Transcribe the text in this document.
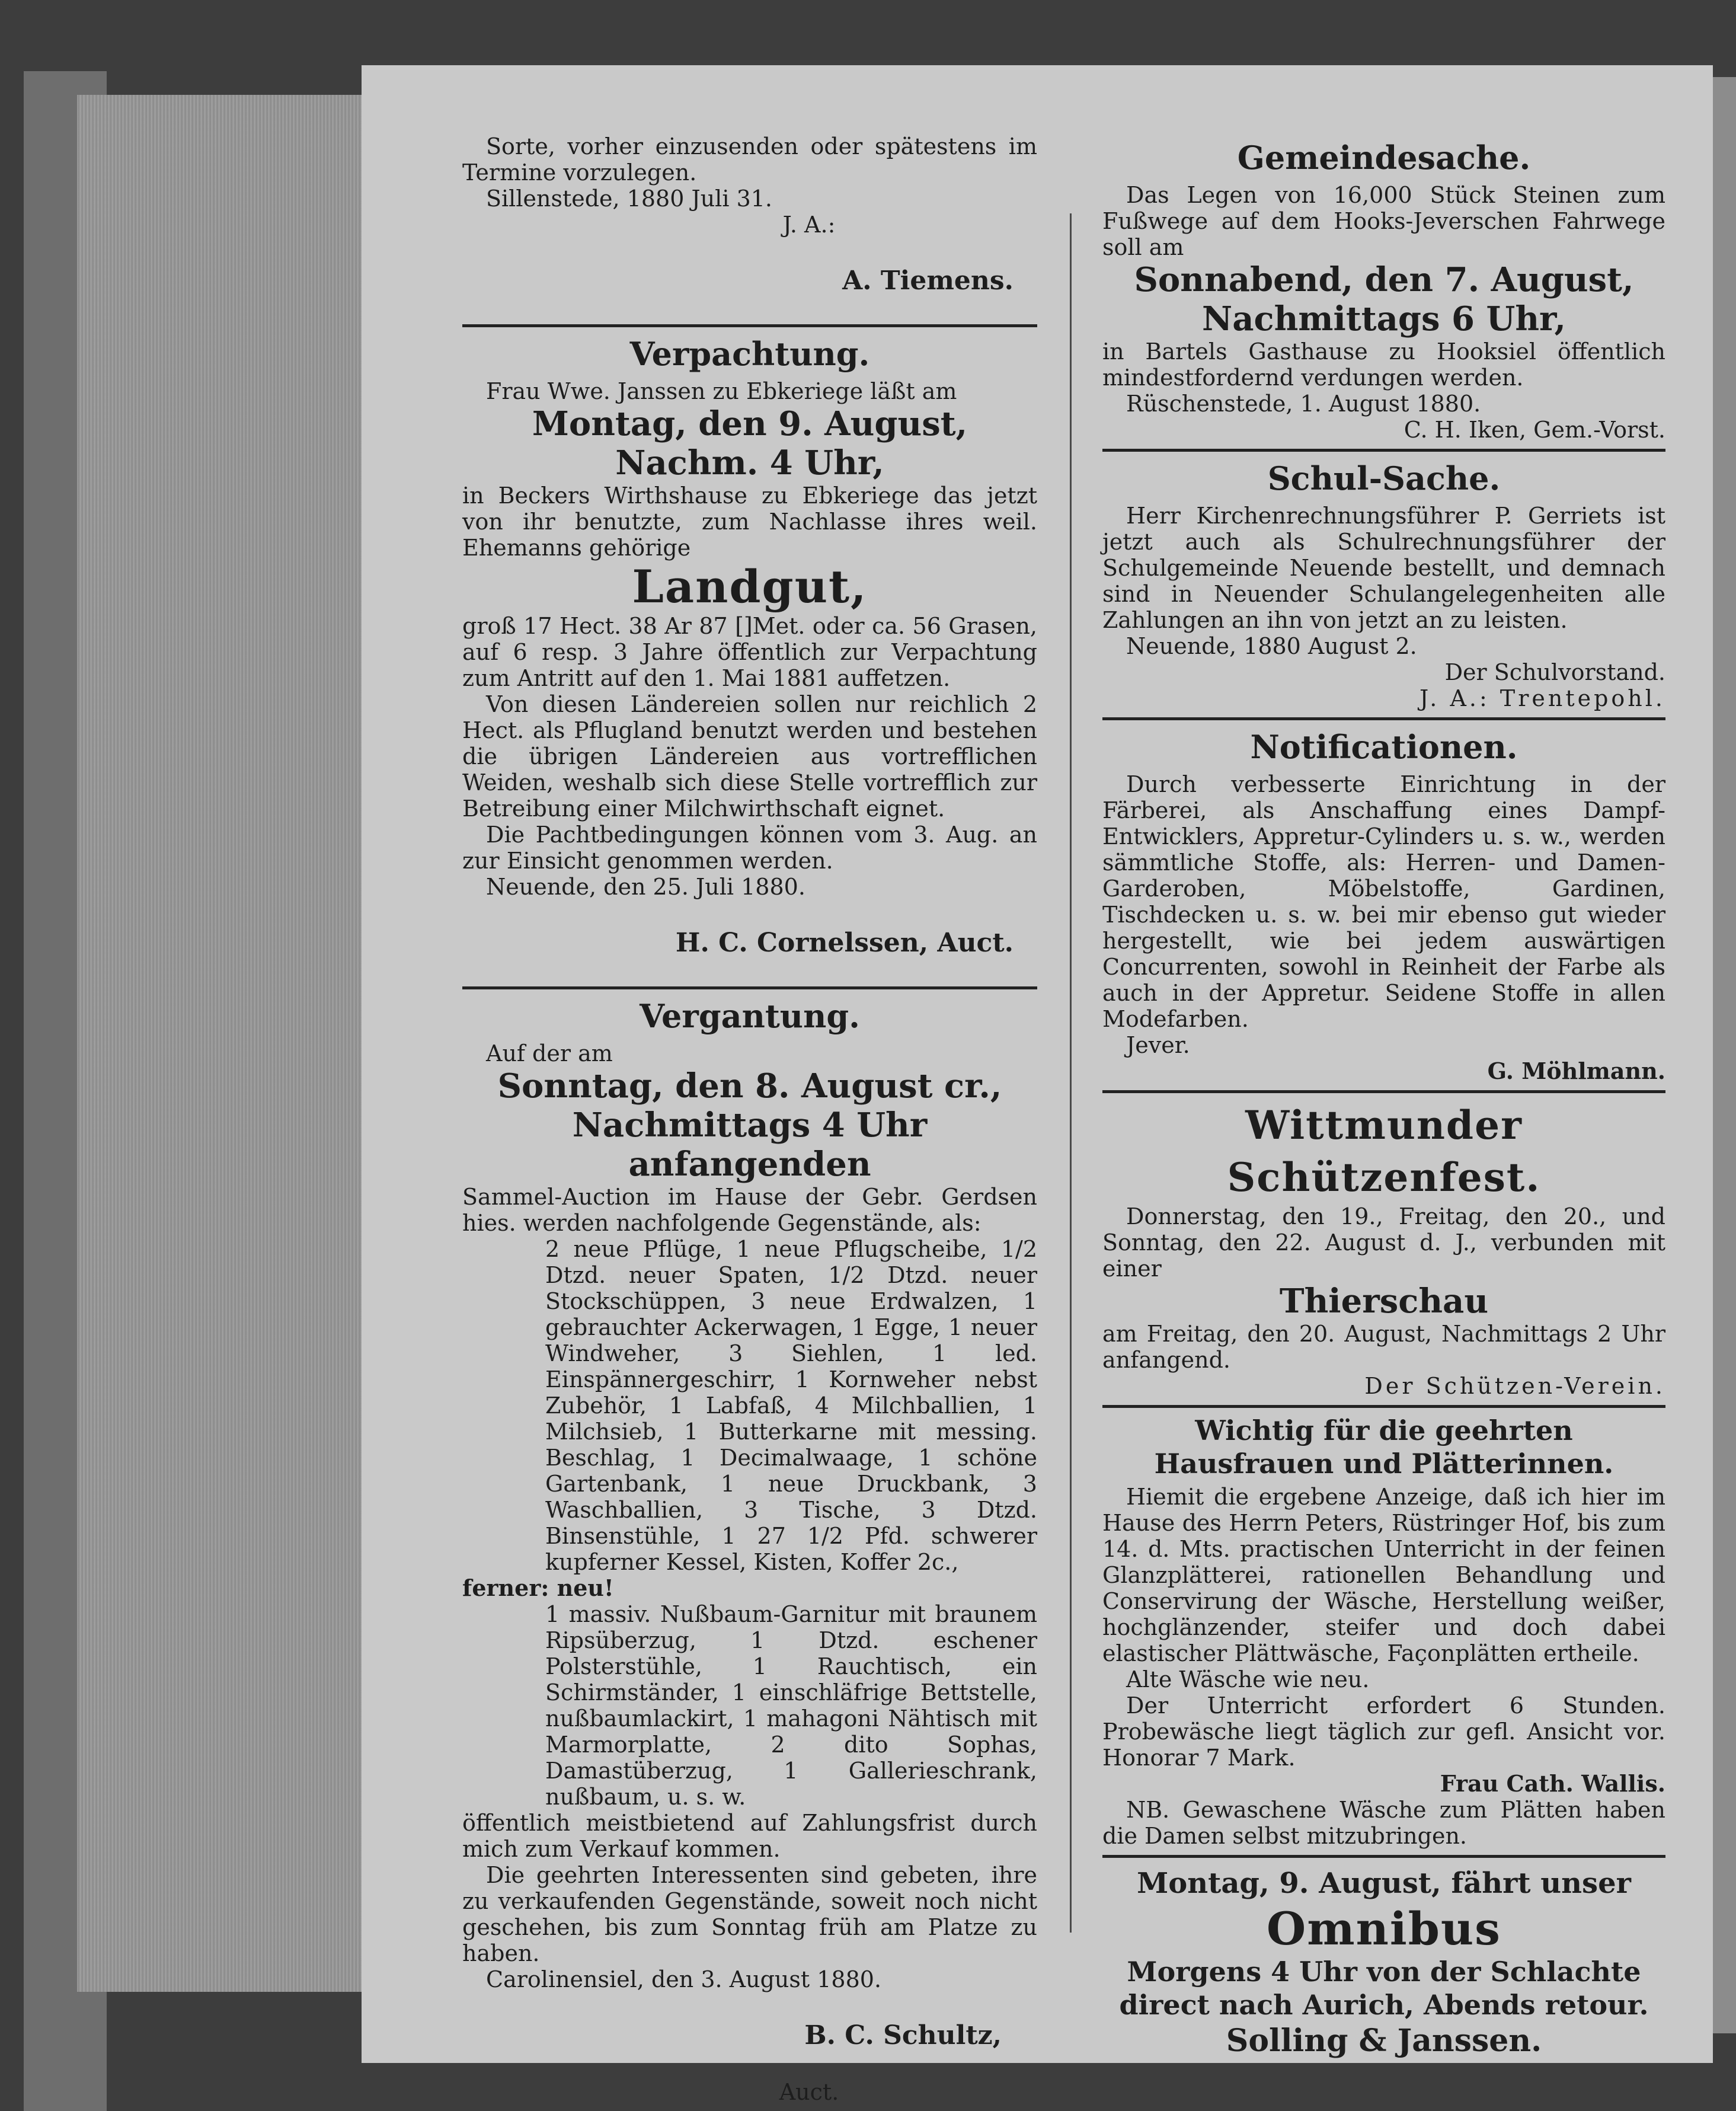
Sorte, vorher einzusenden oder spätestens im Termine vorzulegen.

Sillenstede, 1880 Juli 31.

J. A.:

A. Tiemens.

Verpachtung.

Frau Wwe. Janssen zu Ebkeriege läßt am

Montag, den 9. August,
Nachm. 4 Uhr,

in Beckers Wirthshause zu Ebkeriege das jetzt von ihr benutzte, zum Nachlasse ihres weil. Ehemanns gehörige

Landgut,

groß 17 Hect. 38 Ar 87 []Met. oder ca. 56 Grasen, auf 6 resp. 3 Jahre öffentlich zur Verpachtung zum Antritt auf den 1. Mai 1881 auffetzen.

Von diesen Ländereien sollen nur reichlich 2 Hect. als Pflugland benutzt werden und bestehen die übrigen Ländereien aus vortrefflichen Weiden, weshalb sich diese Stelle vortrefflich zur Betreibung einer Milchwirthschaft eignet.

Die Pachtbedingungen können vom 3. Aug. an zur Einsicht genommen werden.

Neuende, den 25. Juli 1880.

H. C. Cornelssen, Auct.

Vergantung.

Auf der am

Sonntag, den 8. August cr.,
Nachmittags 4 Uhr anfangenden

Sammel-Auction im Hause der Gebr. Gerdsen hies. werden nachfolgende Gegenstände, als:

2 neue Pflüge, 1 neue Pflugscheibe, 1/2 Dtzd. neuer Spaten, 1/2 Dtzd. neuer Stockschüppen, 3 neue Erdwalzen, 1 gebrauchter Ackerwagen, 1 Egge, 1 neuer Windweher, 3 Siehlen, 1 led. Einspännergeschirr, 1 Kornweher nebst Zubehör, 1 Labfaß, 4 Milchballien, 1 Milchsieb, 1 Butterkarne mit messing. Beschlag, 1 Decimalwaage, 1 schöne Gartenbank, 1 neue Druckbank, 3 Waschballien, 3 Tische, 3 Dtzd. Binsenstühle, 1 27 1/2 Pfd. schwerer kupferner Kessel, Kisten, Koffer 2c.,

ferner: neu!

1 massiv. Nußbaum-Garnitur mit braunem Ripsüberzug, 1 Dtzd. eschener Polsterstühle, 1 Rauchtisch, ein Schirmständer, 1 einschläfrige Bettstelle, nußbaumlackirt, 1 mahagoni Nähtisch mit Marmorplatte, 2 dito Sophas, Damastüberzug, 1 Gallerieschrank, nußbaum, u. s. w.

öffentlich meistbietend auf Zahlungsfrist durch mich zum Verkauf kommen.

Die geehrten Interessenten sind gebeten, ihre zu verkaufenden Gegenstände, soweit noch nicht geschehen, bis zum Sonntag früh am Platze zu haben.

Carolinensiel, den 3. August 1880.

B. C. Schultz,

Auct.

Gemeindesache.

Das Legen von 16,000 Stück Steinen zum Fußwege auf dem Hooks-Jeverschen Fahrwege soll am

Sonnabend, den 7. August,
Nachmittags 6 Uhr,

in Bartels Gasthause zu Hooksiel öffentlich mindestfordernd verdungen werden.

Rüschenstede, 1. August 1880.

C. H. Iken, Gem.-Vorst.

Schul-Sache.

Herr Kirchenrechnungsführer P. Gerriets ist jetzt auch als Schulrechnungsführer der Schulgemeinde Neuende bestellt, und demnach sind in Neuender Schulangelegenheiten alle Zahlungen an ihn von jetzt an zu leisten.

Neuende, 1880 August 2.

Der Schulvorstand.

J. A.: Trentepohl.

Notificationen.

Durch verbesserte Einrichtung in der Färberei, als Anschaffung eines Dampf-Entwicklers, Appretur-Cylinders u. s. w., werden sämmtliche Stoffe, als: Herren- und Damen-Garderoben, Möbelstoffe, Gardinen, Tischdecken u. s. w. bei mir ebenso gut wieder hergestellt, wie bei jedem auswärtigen Concurrenten, sowohl in Reinheit der Farbe als auch in der Appretur. Seidene Stoffe in allen Modefarben.

Jever.

G. Möhlmann.

Wittmunder Schützenfest.

Donnerstag, den 19., Freitag, den 20., und Sonntag, den 22. August d. J., verbunden mit einer

Thierschau

am Freitag, den 20. August, Nachmittags 2 Uhr anfangend.

Der Schützen-Verein.

Wichtig für die geehrten Hausfrauen und Plätterinnen.

Hiemit die ergebene Anzeige, daß ich hier im Hause des Herrn Peters, Rüstringer Hof, bis zum 14. d. Mts. practischen Unterricht in der feinen Glanzplätterei, rationellen Behandlung und Conservirung der Wäsche, Herstellung weißer, hochglänzender, steifer und doch dabei elastischer Plättwäsche, Façonplätten ertheile.

Alte Wäsche wie neu.

Der Unterricht erfordert 6 Stunden. Probewäsche liegt täglich zur gefl. Ansicht vor. Honorar 7 Mark.

Frau Cath. Wallis.

NB. Gewaschene Wäsche zum Plätten haben die Damen selbst mitzubringen.

Montag, 9. August, fährt unser
Omnibus
Morgens 4 Uhr von der Schlachte direct nach Aurich, Abends retour.
Solling & Janssen.
